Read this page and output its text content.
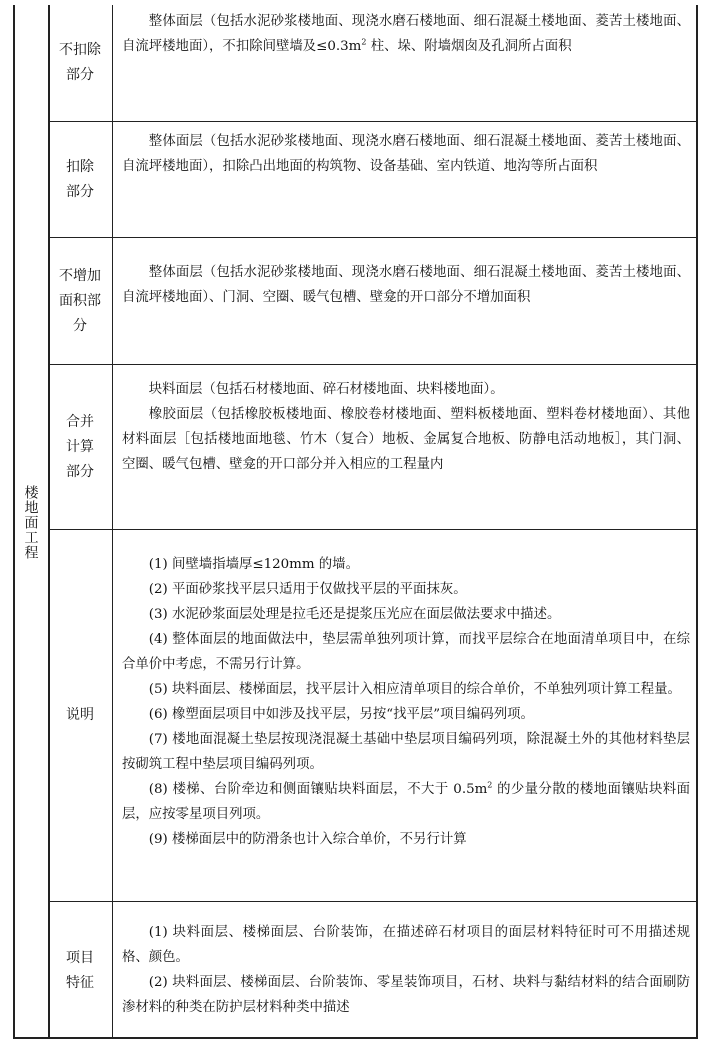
楼地面工程
不扣除部分

整体面层（包括水泥砂浆楼地面、现浇水磨石楼地面、细石混凝土楼地面、菱苦土楼地面、自流坪楼地面），不扣除间壁墙及$\le 0.3m^2$ 柱、垛、附墙烟囱及孔洞所占面积

扣除部分

整体面层（包括水泥砂浆楼地面、现浇水磨石楼地面、细石混凝土楼地面、菱苦土楼地面、自流坪楼地面），扣除凸出地面的构筑物、设备基础、室内铁道、地沟等所占面积

不增加面积部分

整体面层（包括水泥砂浆楼地面、现浇水磨石楼地面、细石混凝土楼地面、菱苦土楼地面、自流坪楼地面）、门洞、空圈、暖气包槽、壁龛的开口部分不增加面积

合并计算部分

块料面层（包括石材楼地面、碎石材楼地面、块料楼地面）。

橡胶面层（包括橡胶板楼地面、橡胶卷材楼地面、塑料板楼地面、塑料卷材楼地面）、其他材料面层［包括楼地面地毯、竹木（复合）地板、金属复合地板、防静电活动地板］，其门洞、空圈、暖气包槽、壁龛的开口部分并入相应的工程量内

说明

(1) 间壁墙指墙厚≤120mm 的墙。

(2) 平面砂浆找平层只适用于仅做找平层的平面抹灰。

(3) 水泥砂浆面层处理是拉毛还是提浆压光应在面层做法要求中描述。

(4) 整体面层的地面做法中，垫层需单独列项计算，而找平层综合在地面清单项目中，在综合单价中考虑，不需另行计算。

(5) 块料面层、楼梯面层，找平层计入相应清单项目的综合单价，不单独列项计算工程量。

(6) 橡塑面层项目中如涉及找平层，另按“找平层”项目编码列项。

(7) 楼地面混凝土垫层按现浇混凝土基础中垫层项目编码列项，除混凝土外的其他材料垫层按砌筑工程中垫层项目编码列项。

(8) 楼梯、台阶牵边和侧面镶贴块料面层，不大于 $0.5m^2$ 的少量分散的楼地面镶贴块料面层，应按零星项目列项。

(9) 楼梯面层中的防滑条也计入综合单价，不另行计算

项目特征

(1) 块料面层、楼梯面层、台阶装饰，在描述碎石材项目的面层材料特征时可不用描述规格、颜色。

(2) 块料面层、楼梯面层、台阶装饰、零星装饰项目，石材、块料与黏结材料的结合面刷防渗材料的种类在防护层材料种类中描述
